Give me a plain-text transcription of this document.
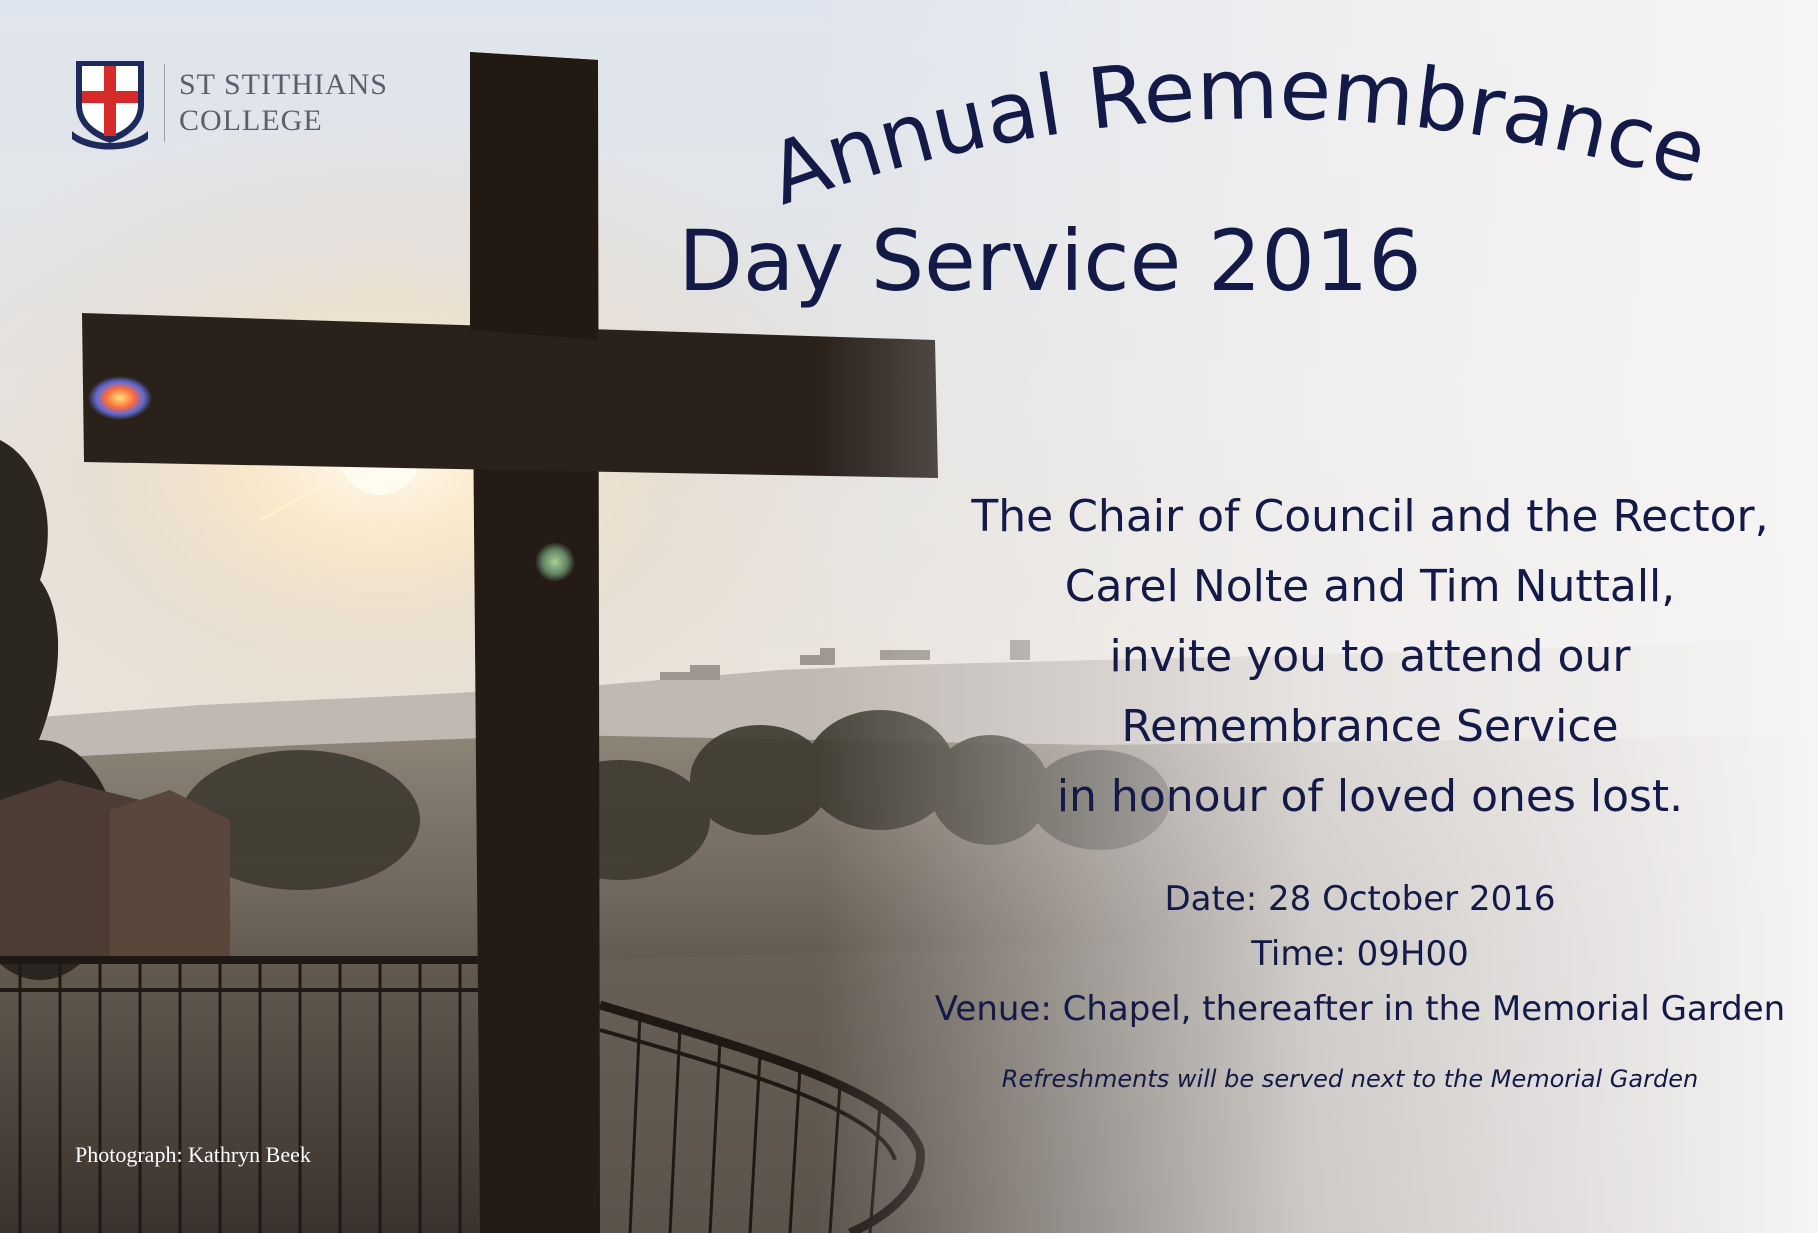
ST STITHIANS
COLLEGE	Annual Remembrance
Day Service 2016
The Chair of Council and the Rector,
Carel Nolte and Tim Nuttall,
invite you to attend our
Remembrance Service
in honour of loved ones lost.
Date: 28 October 2016
Time: 09H00
Venue: Chapel, thereafter in the Memorial Garden
Refreshments will be served next to the Memorial Garden
Photograph: Kathryn Beek
